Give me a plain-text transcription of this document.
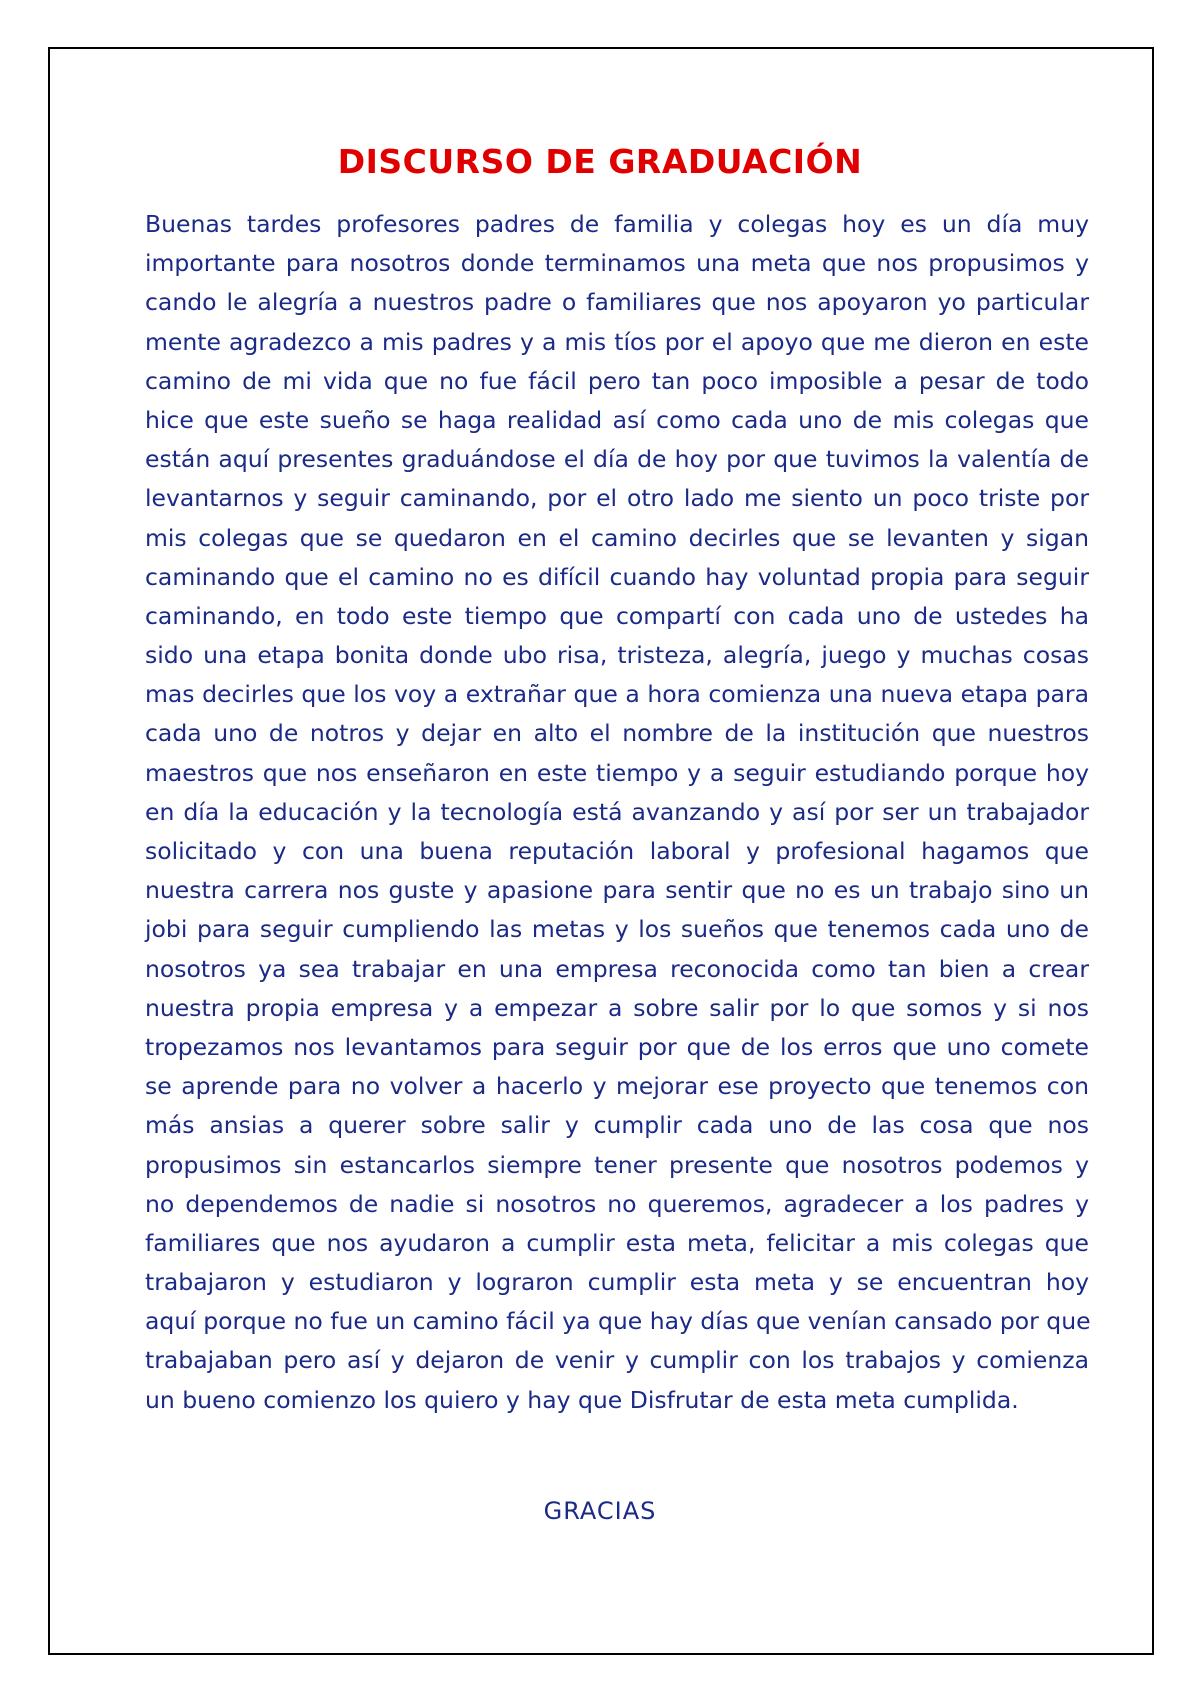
DISCURSO DE GRADUACIÓN
Buenas tardes profesores padres de familia y colegas hoy es un día muy
importante para nosotros donde terminamos una meta que nos propusimos y
cando le alegría a nuestros padre o familiares que nos apoyaron yo particular
mente agradezco a mis padres y a mis tíos por el apoyo que me dieron en este
camino de mi vida que no fue fácil pero tan poco imposible a pesar de todo
hice que este sueño se haga realidad así como cada uno de mis colegas que
están aquí presentes graduándose el día de hoy por que tuvimos la valentía de
levantarnos y seguir caminando, por el otro lado me siento un poco triste por
mis colegas que se quedaron en el camino decirles que se levanten y sigan
caminando que el camino no es difícil cuando hay voluntad propia para seguir
caminando, en todo este tiempo que compartí con cada uno de ustedes ha
sido una etapa bonita donde ubo risa, tristeza, alegría, juego y muchas cosas
mas decirles que los voy a extrañar que a hora comienza una nueva etapa para
cada uno de notros y dejar en alto el nombre de la institución que nuestros
maestros que nos enseñaron en este tiempo y a seguir estudiando porque hoy
en día la educación y la tecnología está avanzando y así por ser un trabajador
solicitado y con una buena reputación laboral y profesional hagamos que
nuestra carrera nos guste y apasione para sentir que no es un trabajo sino un
jobi para seguir cumpliendo las metas y los sueños que tenemos cada uno de
nosotros ya sea trabajar en una empresa reconocida como tan bien a crear
nuestra propia empresa y a empezar a sobre salir por lo que somos y si nos
tropezamos nos levantamos para seguir por que de los erros que uno comete
se aprende para no volver a hacerlo y mejorar ese proyecto que tenemos con
más ansias a querer sobre salir y cumplir cada uno de las cosa que nos
propusimos sin estancarlos siempre tener presente que nosotros podemos y
no dependemos de nadie si nosotros no queremos, agradecer a los padres y
familiares que nos ayudaron a cumplir esta meta, felicitar a mis colegas que
trabajaron y estudiaron y lograron cumplir esta meta y se encuentran hoy
aquí porque no fue un camino fácil ya que hay días que venían cansado por que
trabajaban pero así y dejaron de venir y cumplir con los trabajos y comienza
un bueno comienzo los quiero y hay que Disfrutar de esta meta cumplida.
GRACIAS
